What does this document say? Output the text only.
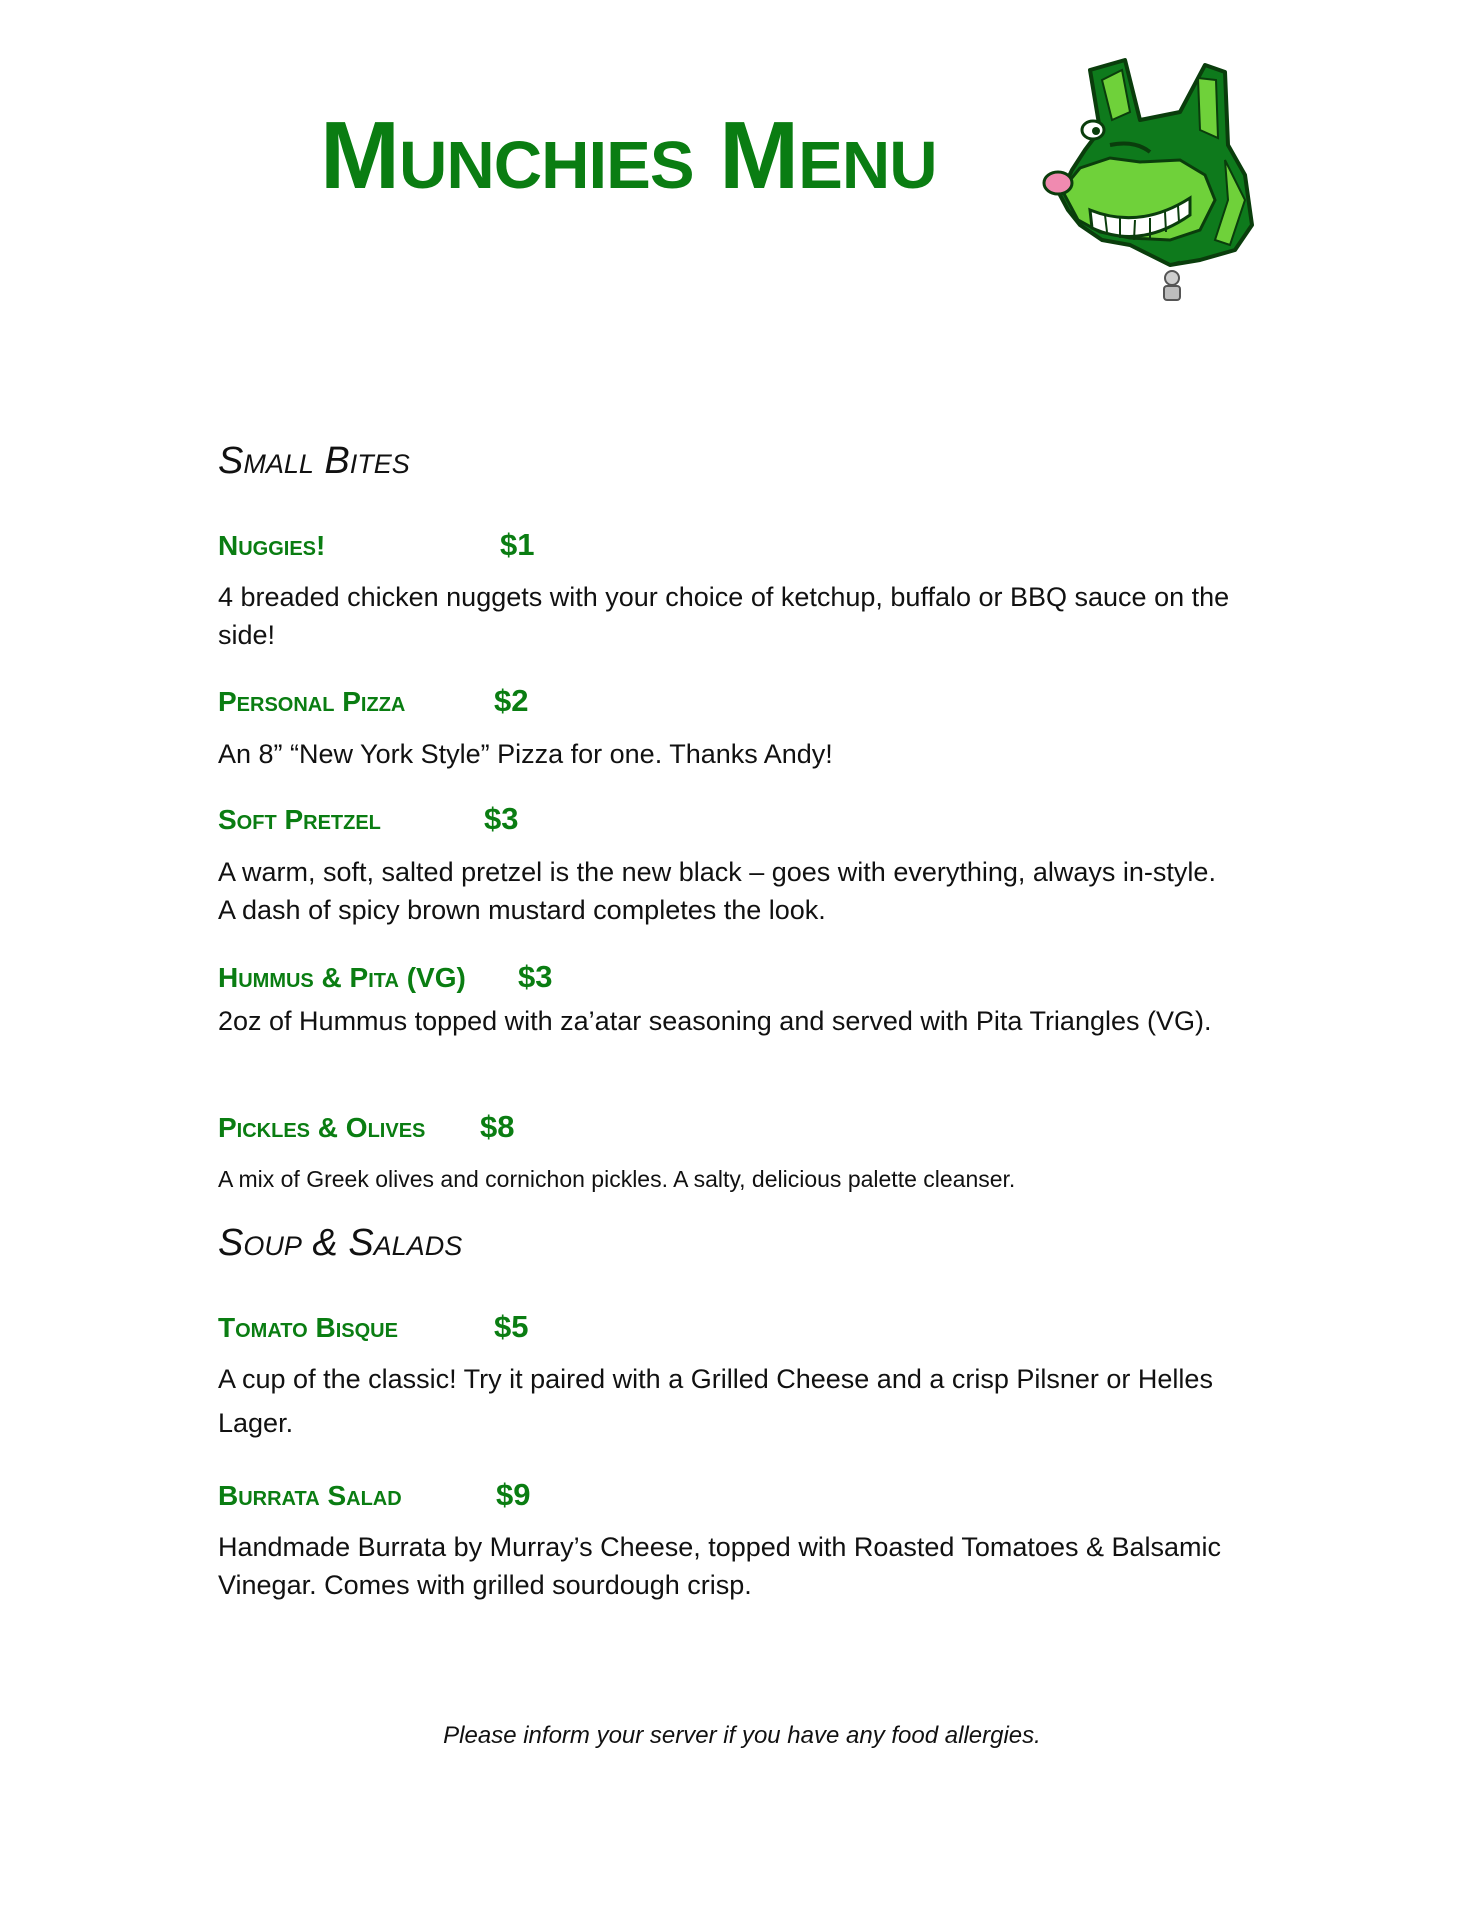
Munchies Menu
Small Bites
Nuggies!	$1

4 breaded chicken nuggets with your choice of ketchup, buffalo or BBQ sauce on the side!

Personal Pizza	$2

An 8” “New York Style” Pizza for one. Thanks Andy!

Soft Pretzel	$3

A warm, soft, salted pretzel is the new black – goes with everything, always in-style. A dash of spicy brown mustard completes the look.

Hummus & Pita (VG) $3

2oz of Hummus topped with za’atar seasoning and served with Pita Triangles (VG).

Pickles & Olives $8

A mix of Greek olives and cornichon pickles. A salty, delicious palette cleanser.

Soup & Salads
Tomato Bisque	$5

A cup of the classic! Try it paired with a Grilled Cheese and a crisp Pilsner or Helles Lager.

Burrata Salad	$9

Handmade Burrata by Murray’s Cheese, topped with Roasted Tomatoes & Balsamic Vinegar. Comes with grilled sourdough crisp.

Please inform your server if you have any food allergies.
